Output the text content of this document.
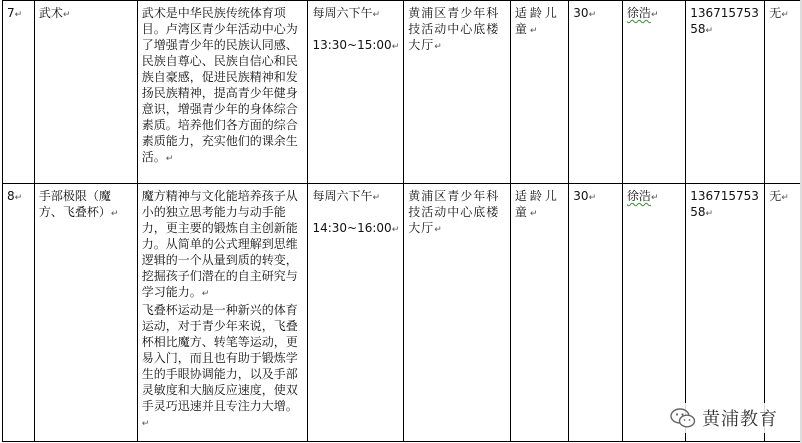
7↵	武术↵	武术是中华民族传统体育项目。卢湾区青少年活动中心为了增强青少年的民族认同感、民族自尊心、民族自信心和民族自豪感，促进民族精神和发扬民族精神，提高青少年健身意识，增强青少年的身体综合素质。培养他们各方面的综合素质能力，充实他们的课余生活。↵	每周六下午↵
13:30~15:00↵	黄浦区青少年科技活动中心底楼大厅↵	适龄儿童↵	30↵	徐浩↵	13671575358↵	无↵
8↵	手部极限（魔方、飞叠杯）↵	魔方精神与文化能培养孩子从小的独立思考能力与动手能力，更主要的锻炼自主创新能力。从简单的公式理解到思维逻辑的一个从量到质的转变，挖掘孩子们潜在的自主研究与学习能力。↵
飞叠杯运动是一种新兴的体育运动，对于青少年来说，飞叠杯相比魔方、转笔等运动，更易入门，而且也有助于锻炼学生的手眼协调能力，以及手部灵敏度和大脑反应速度，使双手灵巧迅速并且专注力大增。↵	每周六下午↵
14:30~16:00↵	黄浦区青少年科技活动中心底楼大厅↵	适龄儿童↵	30↵	徐浩↵	13671575358↵	无↵
黄浦教育
